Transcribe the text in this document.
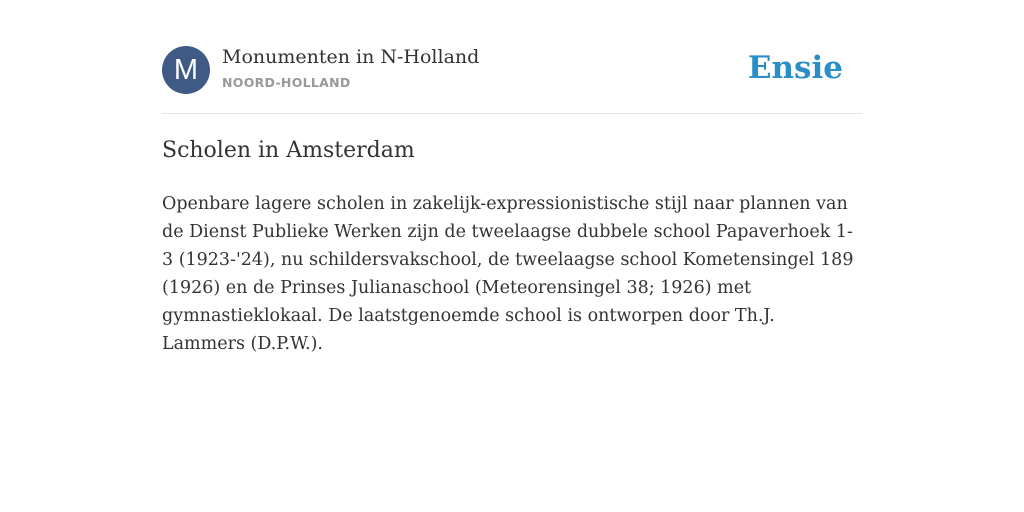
M	Monumenten in N-Holland
NOORD-HOLLAND	Ensie
Scholen in Amsterdam

Openbare lagere scholen in zakelijk-expressionistische stijl naar plannen van de Dienst Publieke Werken zijn de tweelaagse dubbele school Papaverhoek 1-3 (1923-'24), nu schildersvakschool, de tweelaagse school Kometensingel 189 (1926) en de Prinses Julianaschool (Meteorensingel 38; 1926) met gymnastieklokaal. De laatstgenoemde school is ontworpen door Th.J. Lammers (D.P.W.).
